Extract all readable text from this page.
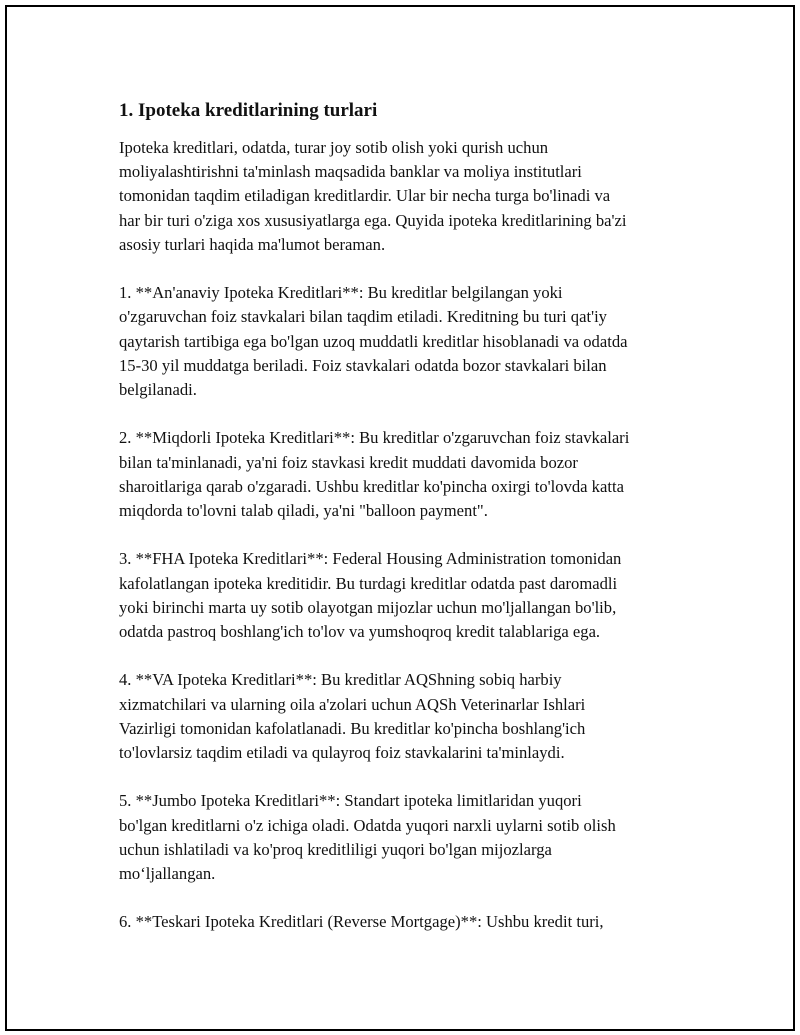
1. Ipoteka kreditlarining turlari
Ipoteka kreditlari, odatda, turar joy sotib olish yoki qurish uchun
moliyalashtirishni ta'minlash maqsadida banklar va moliya institutlari
tomonidan taqdim etiladigan kreditlardir. Ular bir necha turga bo'linadi va
har bir turi o'ziga xos xususiyatlarga ega. Quyida ipoteka kreditlarining ba'zi
asosiy turlari haqida ma'lumot beraman.
1. **An'anaviy Ipoteka Kreditlari**: Bu kreditlar belgilangan yoki
o'zgaruvchan foiz stavkalari bilan taqdim etiladi. Kreditning bu turi qat'iy
qaytarish tartibiga ega bo'lgan uzoq muddatli kreditlar hisoblanadi va odatda
15-30 yil muddatga beriladi. Foiz stavkalari odatda bozor stavkalari bilan
belgilanadi.
2. **Miqdorli Ipoteka Kreditlari**: Bu kreditlar o'zgaruvchan foiz stavkalari
bilan ta'minlanadi, ya'ni foiz stavkasi kredit muddati davomida bozor
sharoitlariga qarab o'zgaradi. Ushbu kreditlar ko'pincha oxirgi to'lovda katta
miqdorda to'lovni talab qiladi, ya'ni "balloon payment".
3. **FHA Ipoteka Kreditlari**: Federal Housing Administration tomonidan
kafolatlangan ipoteka kreditidir. Bu turdagi kreditlar odatda past daromadli
yoki birinchi marta uy sotib olayotgan mijozlar uchun mo'ljallangan bo'lib,
odatda pastroq boshlang'ich to'lov va yumshoqroq kredit talablariga ega.
4. **VA Ipoteka Kreditlari**: Bu kreditlar AQShning sobiq harbiy
xizmatchilari va ularning oila a'zolari uchun AQSh Veterinarlar Ishlari
Vazirligi tomonidan kafolatlanadi. Bu kreditlar ko'pincha boshlang'ich
to'lovlarsiz taqdim etiladi va qulayroq foiz stavkalarini ta'minlaydi.
5. **Jumbo Ipoteka Kreditlari**: Standart ipoteka limitlaridan yuqori
bo'lgan kreditlarni o'z ichiga oladi. Odatda yuqori narxli uylarni sotib olish
uchun ishlatiladi va ko'proq kreditliligi yuqori bo'lgan mijozlarga
mo‘ljallangan.
6. **Teskari Ipoteka Kreditlari (Reverse Mortgage)**: Ushbu kredit turi,
